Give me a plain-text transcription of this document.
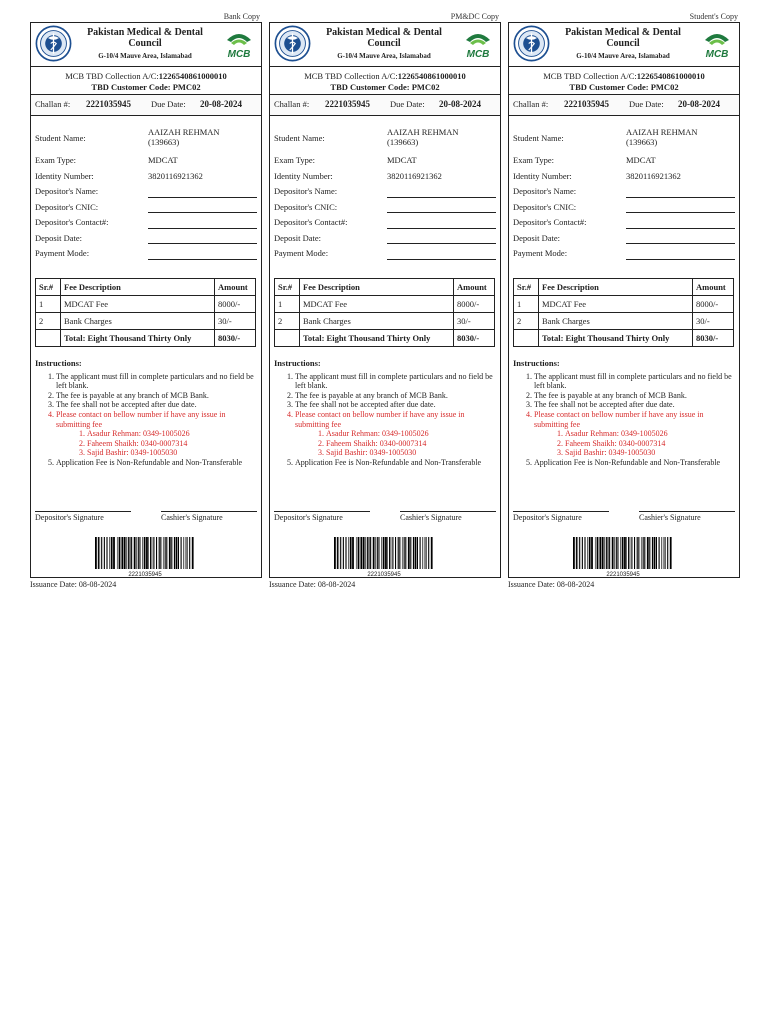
Bank Copy
Pakistan Medical & Dental
Council
G-10/4 Mauve Area, Islamabad	MCB
MCB TBD Collection A/C:1226540861000010
TBD Customer Code: PMC02
Challan #: 2221035945 Due Date: 20-08-2024
Student Name:
AAIZAH REHMAN
(139663)
Exam Type:	MDCAT
Identity Number:	3820116921362
Depositor's Name:
Depositor's CNIC:
Depositor's Contact#:
Deposit Date:
Payment Mode:
Sr.#	Fee Description	Amount
1	MDCAT Fee	8000/-
2	Bank Charges	30/-
	Total: Eight Thousand Thirty Only	8030/-
Instructions:
1. The applicant must fill in complete particulars and no field be left blank.
2. The fee is payable at any branch of MCB Bank.
3. The fee shall not be accepted after due date.
4. Please contact on bellow number if have any issue in submitting fee
1. Asadur Rehman: 0349-1005026
2. Faheem Shaikh: 0340-0007314
3. Sajid Bashir: 0349-1005030
5. Application Fee is Non-Refundable and Non-Transferable
Depositor's Signature	Cashier's Signature
2221035945
Issuance Date: 08-08-2024
PM&DC Copy
Pakistan Medical & Dental
Council
G-10/4 Mauve Area, Islamabad	MCB
MCB TBD Collection A/C:1226540861000010
TBD Customer Code: PMC02
Challan #: 2221035945 Due Date: 20-08-2024
Student Name:
AAIZAH REHMAN
(139663)
Exam Type:	MDCAT
Identity Number:	3820116921362
Depositor's Name:
Depositor's CNIC:
Depositor's Contact#:
Deposit Date:
Payment Mode:
Sr.#	Fee Description	Amount
1	MDCAT Fee	8000/-
2	Bank Charges	30/-
	Total: Eight Thousand Thirty Only	8030/-
Instructions:
1. The applicant must fill in complete particulars and no field be left blank.
2. The fee is payable at any branch of MCB Bank.
3. The fee shall not be accepted after due date.
4. Please contact on bellow number if have any issue in submitting fee
1. Asadur Rehman: 0349-1005026
2. Faheem Shaikh: 0340-0007314
3. Sajid Bashir: 0349-1005030
5. Application Fee is Non-Refundable and Non-Transferable
Depositor's Signature	Cashier's Signature
2221035945
Issuance Date: 08-08-2024
Student's Copy
Pakistan Medical & Dental
Council
G-10/4 Mauve Area, Islamabad	MCB
MCB TBD Collection A/C:1226540861000010
TBD Customer Code: PMC02
Challan #: 2221035945 Due Date: 20-08-2024
Student Name:
AAIZAH REHMAN
(139663)
Exam Type:	MDCAT
Identity Number:	3820116921362
Depositor's Name:
Depositor's CNIC:
Depositor's Contact#:
Deposit Date:
Payment Mode:
Sr.#	Fee Description	Amount
1	MDCAT Fee	8000/-
2	Bank Charges	30/-
	Total: Eight Thousand Thirty Only	8030/-
Instructions:
1. The applicant must fill in complete particulars and no field be left blank.
2. The fee is payable at any branch of MCB Bank.
3. The fee shall not be accepted after due date.
4. Please contact on bellow number if have any issue in submitting fee
1. Asadur Rehman: 0349-1005026
2. Faheem Shaikh: 0340-0007314
3. Sajid Bashir: 0349-1005030
5. Application Fee is Non-Refundable and Non-Transferable
Depositor's Signature	Cashier's Signature
2221035945
Issuance Date: 08-08-2024
